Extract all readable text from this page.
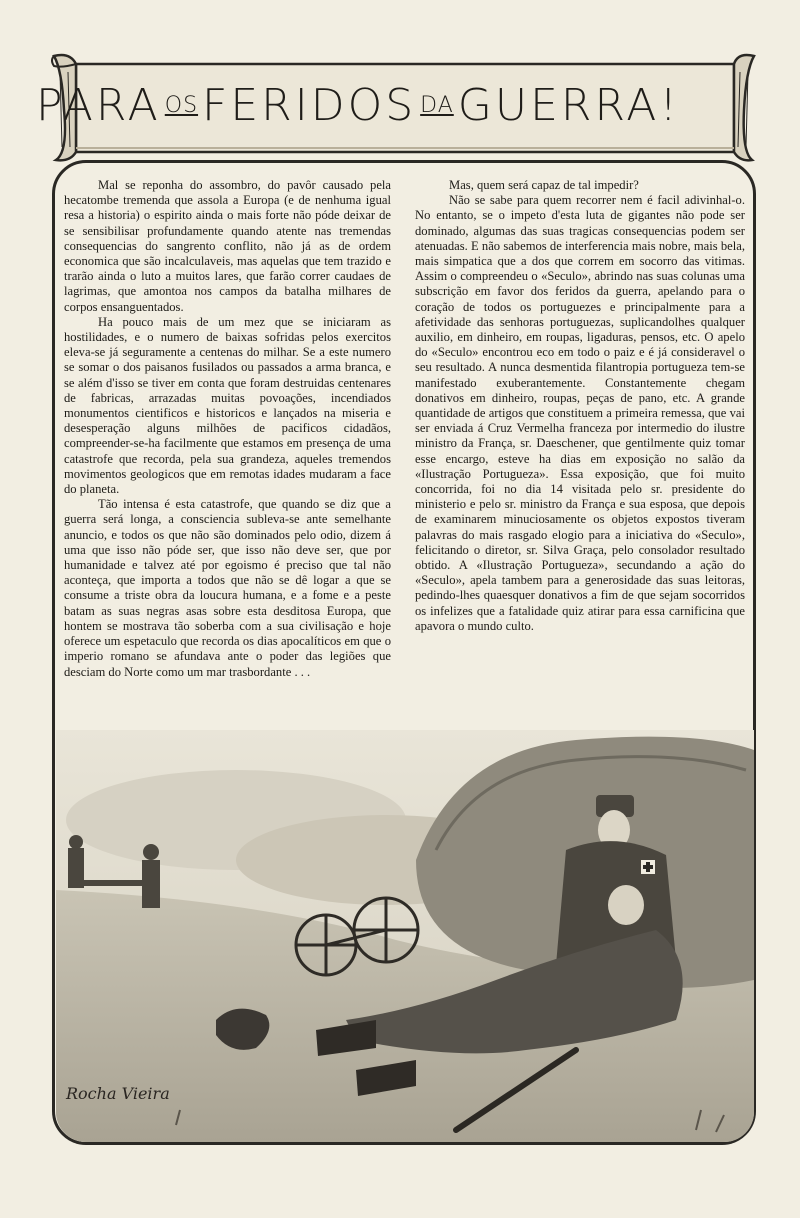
PARA OS FERIDOS DA GUERRA!

Mal se reponha do assombro, do pavôr causado pela hecatombe tremenda que assola a Europa (e de nenhuma igual resa a historia) o espirito ainda o mais forte não póde deixar de se sensibilisar profundamente quando atente nas tremendas consequencias do sangrento conflito, não já as de ordem economica que são incalculaveis, mas aquelas que tem trazido e trarão ainda o luto a muitos lares, que farão correr caudaes de lagrimas, que amontoa nos campos da batalha milhares de corpos ensanguentados.

Ha pouco mais de um mez que se iniciaram as hostilidades, e o numero de baixas sofridas pelos exercitos eleva-se já seguramente a centenas do milhar. Se a este numero se somar o dos paisanos fusilados ou passados a arma branca, e se além d'isso se tiver em conta que foram destruidas centenares de fabricas, arrazadas muitas povoações, incendiados monumentos cientificos e historicos e lançados na miseria e desesperação alguns milhões de pacificos cidadãos, compreender-se-ha facilmente que estamos em presença de uma catastrofe que recorda, pela sua grandeza, aqueles tremendos movimentos geologicos que em remotas idades mudaram a face do planeta.

Tão intensa é esta catastrofe, que quando se diz que a guerra será longa, a consciencia subleva-se ante semelhante anuncio, e todos os que não são dominados pelo odio, dizem á uma que isso não póde ser, que isso não deve ser, que por humanidade e talvez até por egoismo é preciso que tal não aconteça, que importa a todos que não se dê logar a que se consume a triste obra da loucura humana, e a fome e a peste batam as suas negras asas sobre esta desditosa Europa, que hontem se mostrava tão soberba com a sua civilisação e hoje oferece um espetaculo que recorda os dias apocalíticos em que o imperio romano se afundava ante o poder das legiões que desciam do Norte como um mar trasbordante . . .

Mas, quem será capaz de tal impedir?

Não se sabe para quem recorrer nem é facil adivinhal-o. No entanto, se o impeto d'esta luta de gigantes não pode ser dominado, algumas das suas tragicas consequencias podem ser atenuadas. E não sabemos de interferencia mais nobre, mais bela, mais simpatica que a dos que correm em socorro das vitimas. Assim o compreendeu o «Seculo», abrindo nas suas colunas uma subscrição em favor dos feridos da guerra, apelando para o coração de todos os portuguezes e principalmente para a afetividade das senhoras portuguezas, suplicandolhes qualquer auxilio, em dinheiro, em roupas, ligaduras, pensos, etc. O apelo do «Seculo» encontrou eco em todo o paiz e é já consideravel o seu resultado. A nunca desmentida filantropia portugueza tem-se manifestado exuberantemente. Constantemente chegam donativos em dinheiro, roupas, peças de pano, etc. A grande quantidade de artigos que constituem a primeira remessa, que vai ser enviada á Cruz Vermelha franceza por intermedio do ilustre ministro da França, sr. Daeschener, que gentilmente quiz tomar esse encargo, esteve ha dias em exposição no salão da «Ilustração Portugueza». Essa exposição, que foi muito concorrida, foi no dia 14 visitada pelo sr. presidente do ministerio e pelo sr. ministro da França e sua esposa, que depois de examinarem minuciosamente os objetos expostos tiveram palavras do mais rasgado elogio para a iniciativa do «Seculo», felicitando o diretor, sr. Silva Graça, pelo consolador resultado obtido. A «Ilustração Portugueza», secundando a ação do «Seculo», apela tambem para a generosidade das suas leitoras, pedindo-lhes quaesquer donativos a fim de que sejam socorridos os infelizes que a fatalidade quiz atirar para essa carnificina que apavora o mundo culto.

Rocha Vieira
